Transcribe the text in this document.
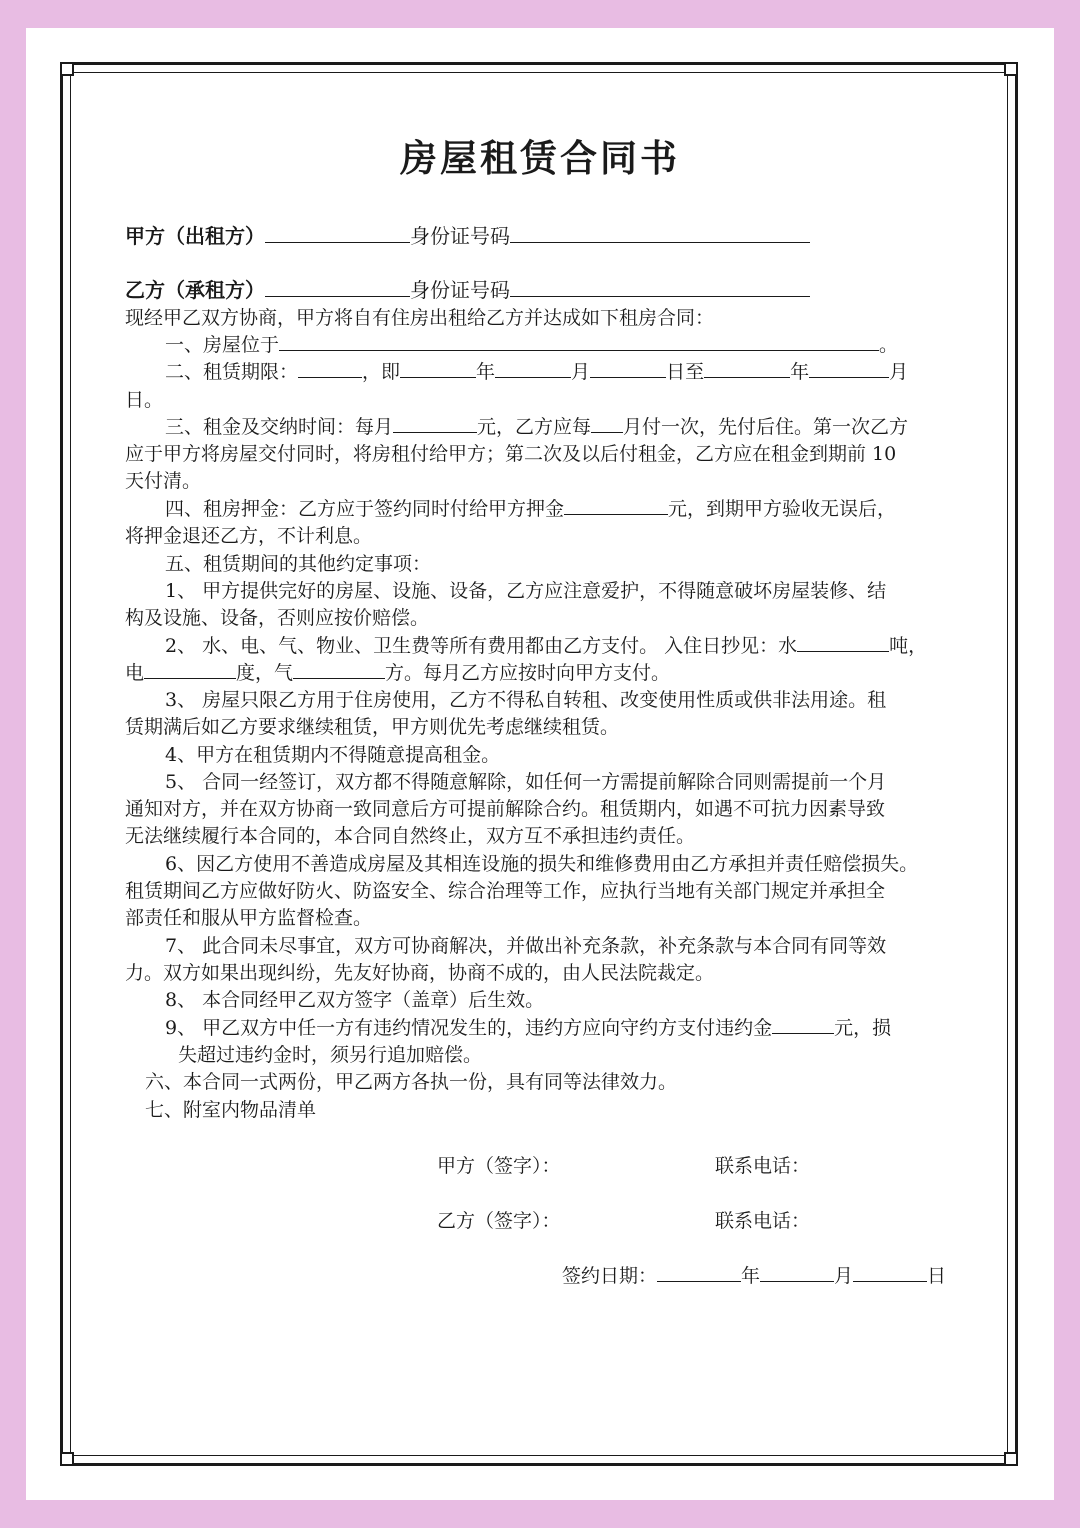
房屋租赁合同书
甲方（出租方）	身份证号码
乙方（承租方）	身份证号码
现经甲乙双方协商，甲方将自有住房出租给乙方并达成如下租房合同：
一、房屋位于	。
二、租赁期限：	，即	年	月	日至	年	月
日。
三、租金及交纳时间：每月	元，乙方应每 月付一次，先付后住。第一次乙方
应于甲方将房屋交付同时，将房租付给甲方；第二次及以后付租金，乙方应在租金到期前 10
天付清。
四、租房押金：乙方应于签约同时付给甲方押金	元，到期甲方验收无误后，
将押金退还乙方，不计利息。
五、租赁期间的其他约定事项：
1、 甲方提供完好的房屋、设施、设备，乙方应注意爱护，不得随意破坏房屋装修、结
构及设施、设备，否则应按价赔偿。
2、 水、电、气、物业、卫生费等所有费用都由乙方支付。 入住日抄见：水	吨，
电	度，气	方。每月乙方应按时向甲方支付。
3、 房屋只限乙方用于住房使用，乙方不得私自转租、改变使用性质或供非法用途。租
赁期满后如乙方要求继续租赁，甲方则优先考虑继续租赁。
4、甲方在租赁期内不得随意提高租金。
5、 合同一经签订，双方都不得随意解除，如任何一方需提前解除合同则需提前一个月
通知对方，并在双方协商一致同意后方可提前解除合约。租赁期内，如遇不可抗力因素导致
无法继续履行本合同的，本合同自然终止，双方互不承担违约责任。
6、因乙方使用不善造成房屋及其相连设施的损失和维修费用由乙方承担并责任赔偿损失。
租赁期间乙方应做好防火、防盗安全、综合治理等工作，应执行当地有关部门规定并承担全
部责任和服从甲方监督检查。
7、 此合同未尽事宜，双方可协商解决，并做出补充条款，补充条款与本合同有同等效
力。双方如果出现纠纷，先友好协商，协商不成的，由人民法院裁定。
8、 本合同经甲乙双方签字（盖章）后生效。
9、 甲乙双方中任一方有违约情况发生的，违约方应向守约方支付违约金	元，损
失超过违约金时，须另行追加赔偿。
六、本合同一式两份，甲乙两方各执一份，具有同等法律效力。
七、附室内物品清单
甲方（签字）：	联系电话：
乙方（签字）：	联系电话：
签约日期：	年	月	日
